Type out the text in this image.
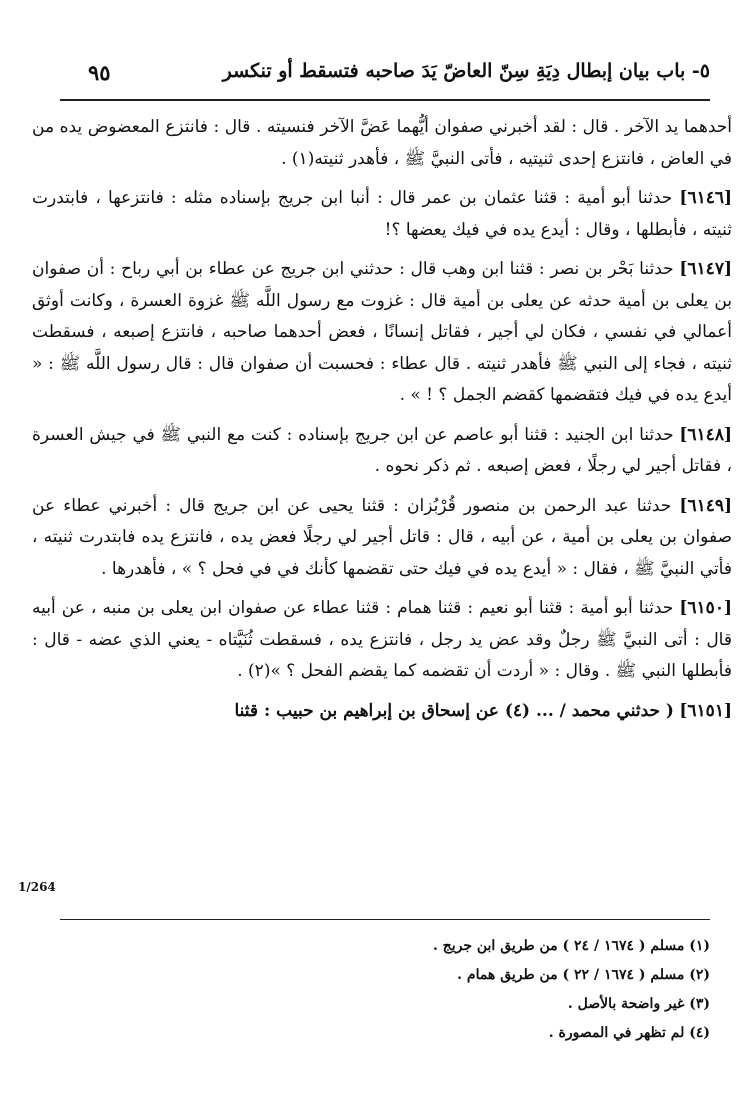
٥- باب بيان إبطال دِيَةِ سِنّ العاضّ يَدَ صاحبه فتسقط أو تنكسر
٩٥

أحدهما يد الآخر . قال : لقد أخبرني صفوان أيُّهما عَضَّ الآخر فنسيته . قال : فانتزع المعضوض يده من في العاض ، فانتزع إحدى ثنيتيه ، فأتى النبيَّ ﷺ ، فأهدر ثنيته(١) .

[٦١٤٦] حدثنا أبو أمية : قثنا عثمان بن عمر قال : أنبا ابن جريج بإسناده مثله : فانتزعها ، فابتدرت ثنيته ، فأبطلها ، وقال : أيدع يده في فيك يعضها ؟!

[٦١٤٧] حدثنا بَحْر بن نصر : قثنا ابن وهب قال : حدثني ابن جريج عن عطاء بن أبي رباح : أن صفوان بن يعلى بن أمية حدثه عن يعلى بن أمية قال : غزوت مع رسول اللَّه ﷺ غزوة العسرة ، وكانت أوثق أعمالي في نفسي ، فكان لي أجير ، فقاتل إنسانًا ، فعض أحدهما صاحبه ، فانتزع إصبعه ، فسقطت ثنيته ، فجاء إلى النبي ﷺ فأهدر ثنيته . قال عطاء : فحسبت أن صفوان قال : قال رسول اللَّه ﷺ : « أيدع يده في فيك فتقضمها كقضم الجمل ؟ ! » .

[٦١٤٨] حدثنا ابن الجنيد : قثنا أبو عاصم عن ابن جريج بإسناده : كنت مع النبي ﷺ في جيش العسرة ، فقاتل أجير لي رجلًا ، فعض إصبعه . ثم ذكر نحوه .

[٦١٤٩] حدثنا عبد الرحمن بن منصور قُرْبُزان : قثنا يحيى عن ابن جريج قال : أخبرني عطاء عن صفوان بن يعلى بن أمية ، عن أبيه ، قال : قاتل أجير لي رجلًا فعض يده ، فانتزع يده فابتدرت ثنيته ، فأتي النبيَّ ﷺ ، فقال : « أيدع يده في فيك حتى تقضمها كأنك في في فحل ؟ » ، فأهدرها .

[٦١٥٠] حدثنا أبو أمية : قثنا أبو نعيم : قثنا همام : قثنا عطاء عن صفوان ابن يعلى بن منبه ، عن أبيه قال : أتى النبيَّ ﷺ رجلٌ وقد عض يد رجل ، فانتزع يده ، فسقطت ثُنَيَّتاه - يعني الذي عضه - قال : فأبطلها النبي ﷺ . وقال : « أردت أن تقضمه كما يقضم الفحل ؟ »(٢) .

[٦١٥١] ( حدثني محمد / ... (٤) عن إسحاق بن إبراهيم بن حبيب : قثنا

1/264

(١) مسلم ( ١٦٧٤ / ٢٤ ) من طريق ابن جريج .

(٢) مسلم ( ١٦٧٤ / ٢٢ ) من طريق همام .

(٣) غير واضحة بالأصل .

(٤) لم تظهر في المصورة .
